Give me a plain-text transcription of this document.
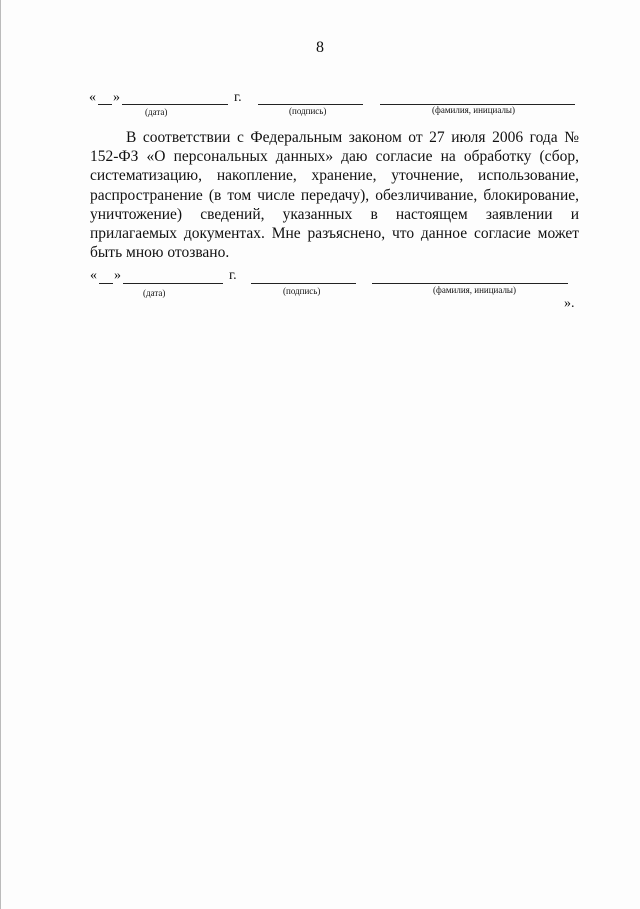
8
« »	г.
(дата)	(подпись)	(фамилия, инициалы)

В соответствии с Федеральным законом от 27 июля 2006 года № 152-ФЗ «О персональных данных» даю согласие на обработку (сбор, систематизацию, накопление, хранение, уточнение, использование, распространение (в том числе передачу), обезличивание, блокирование, уничтожение) сведений, указанных в настоящем заявлении и прилагаемых документах. Мне разъяснено, что данное согласие может быть мною отозвано.

« »	г.
(дата)	(подпись)	(фамилия, инициалы)
».
